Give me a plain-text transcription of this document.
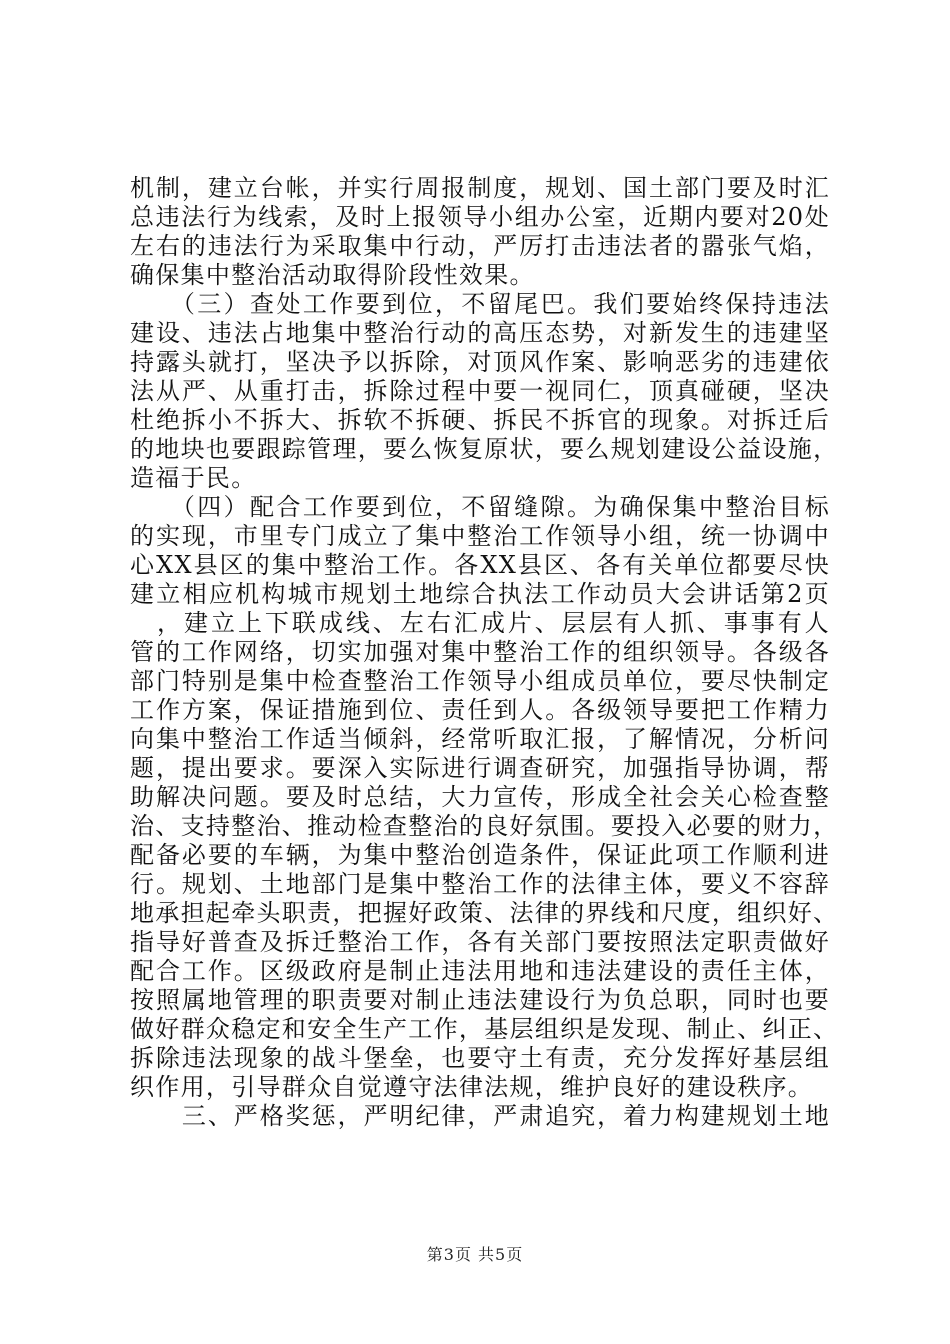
机制，建立台帐，并实行周报制度，规划、国土部门要及时汇
总违法行为线索，及时上报领导小组办公室，近期内要对20处
左右的违法行为采取集中行动，严厉打击违法者的嚣张气焰，
确保集中整治活动取得阶段性效果。
　　（三）查处工作要到位，不留尾巴。我们要始终保持违法
建设、违法占地集中整治行动的高压态势，对新发生的违建坚
持露头就打，坚决予以拆除，对顶风作案、影响恶劣的违建依
法从严、从重打击，拆除过程中要一视同仁，顶真碰硬，坚决
杜绝拆小不拆大、拆软不拆硬、拆民不拆官的现象。对拆迁后
的地块也要跟踪管理，要么恢复原状，要么规划建设公益设施，
造福于民。
　　（四）配合工作要到位，不留缝隙。为确保集中整治目标
的实现，市里专门成立了集中整治工作领导小组，统一协调中
心XX县区的集中整治工作。各XX县区、各有关单位都要尽快
建立相应机构城市规划土地综合执法工作动员大会讲话第2页
　，建立上下联成线、左右汇成片、层层有人抓、事事有人
管的工作网络，切实加强对集中整治工作的组织领导。各级各
部门特别是集中检查整治工作领导小组成员单位，要尽快制定
工作方案，保证措施到位、责任到人。各级领导要把工作精力
向集中整治工作适当倾斜，经常听取汇报，了解情况，分析问
题，提出要求。要深入实际进行调查研究，加强指导协调，帮
助解决问题。要及时总结，大力宣传，形成全社会关心检查整
治、支持整治、推动检查整治的良好氛围。要投入必要的财力，
配备必要的车辆，为集中整治创造条件，保证此项工作顺利进
行。规划、土地部门是集中整治工作的法律主体，要义不容辞
地承担起牵头职责，把握好政策、法律的界线和尺度，组织好、
指导好普查及拆迁整治工作，各有关部门要按照法定职责做好
配合工作。区级政府是制止违法用地和违法建设的责任主体，
按照属地管理的职责要对制止违法建设行为负总职，同时也要
做好群众稳定和安全生产工作，基层组织是发现、制止、纠正、
拆除违法现象的战斗堡垒，也要守土有责，充分发挥好基层组
织作用，引导群众自觉遵守法律法规，维护良好的建设秩序。
　　三、严格奖惩，严明纪律，严肃追究，着力构建规划土地
第3页 共5页
